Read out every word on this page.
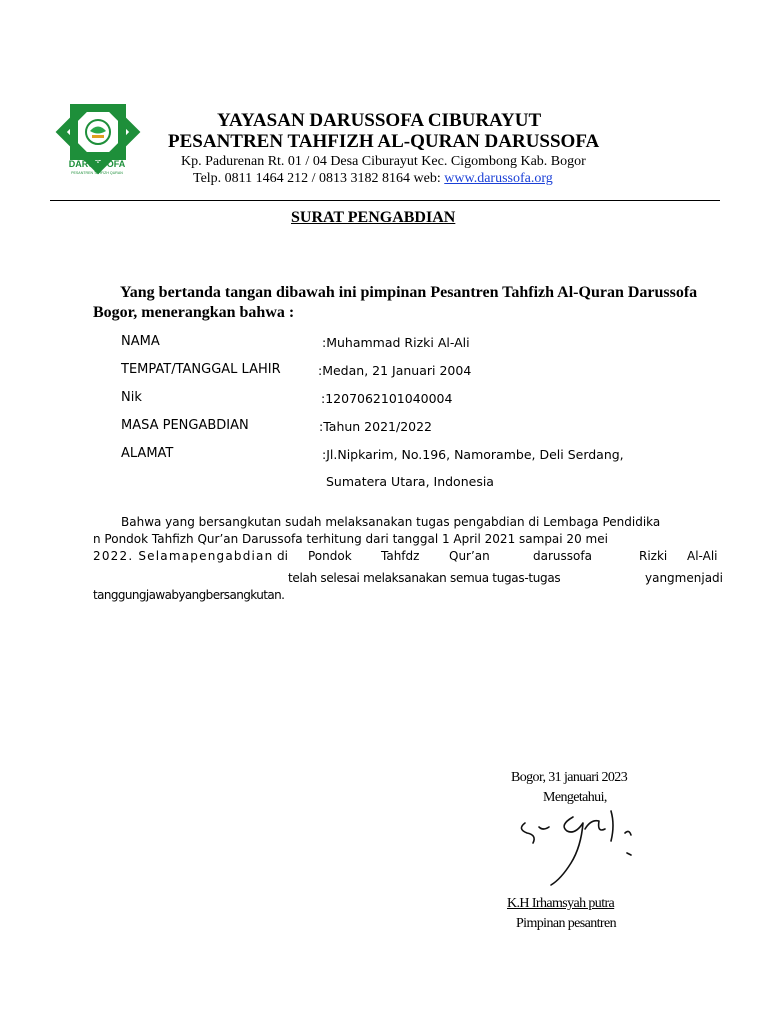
DARUSSOFA
PESANTREN TAHFIZH QURAN
YAYASAN DARUSSOFA CIBURAYUT
PESANTREN TAHFIZH AL-QURAN DARUSSOFA
Kp. Padurenan Rt. 01 / 04 Desa Ciburayut Kec. Cigombong Kab. Bogor
Telp. 0811 1464 212 / 0813 3182 8164 web: www.darussofa.org
SURAT PENGABDIAN
Yang bertanda tangan dibawah ini pimpinan Pesantren Tahfizh Al-Quran Darussofa
Bogor, menerangkan bahwa :
NAMA	:Muhammad Rizki Al-Ali
TEMPAT/TANGGAL LAHIR	:Medan, 21 Januari 2004
Nik	:1207062101040004
MASA PENGABDIAN	:Tahun 2021/2022
ALAMAT	:Jl.Nipkarim, No.196, Namorambe, Deli Serdang,
Sumatera Utara, Indonesia
Bahwa yang bersangkutan sudah melaksanakan tugas pengabdian di Lembaga Pendidika
n Pondok Tahfizh Qur’an Darussofa terhitung dari tanggal 1 April 2021 sampai 20 mei
2022. Selamapengabdian di Pondok Tahfdz Qur’an	darussofa	Rizki Al-Ali
telah selesai melaksanakan semua tugas-tugas	yangmenjadi
tanggungjawabyangbersangkutan.
Bogor, 31 januari 2023
Mengetahui,
K.H Irhamsyah putra
Pimpinan pesantren
